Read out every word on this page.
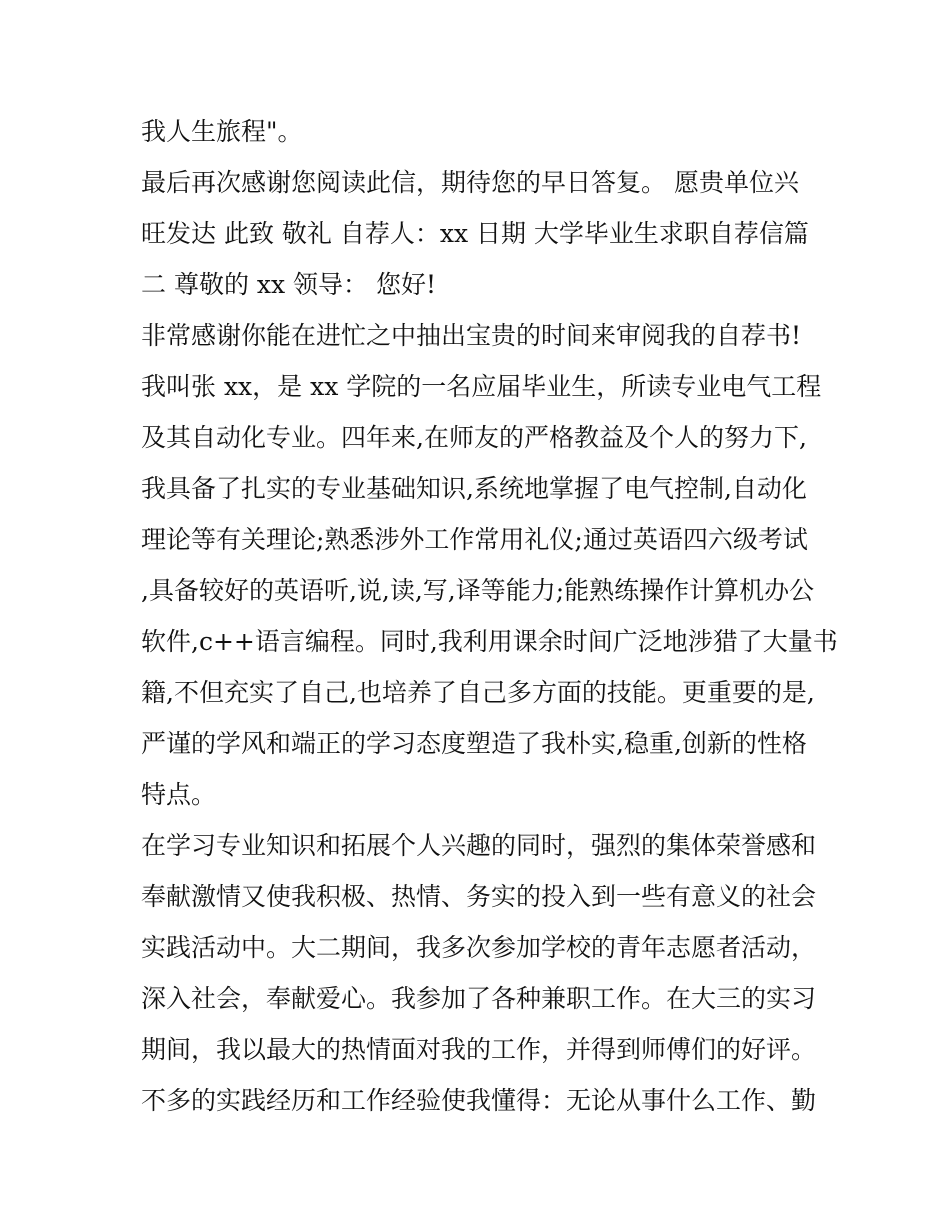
我人生旅程"。
最后再次感谢您阅读此信，期待您的早日答复。 愿贵单位兴
旺发达 此致 敬礼 自荐人：xx 日期 大学毕业生求职自荐信篇
二 尊敬的 xx 领导： 您好!
非常感谢你能在进忙之中抽出宝贵的时间来审阅我的自荐书!
我叫张 xx，是 xx 学院的一名应届毕业生，所读专业电气工程
及其自动化专业。四年来,在师友的严格教益及个人的努力下,
我具备了扎实的专业基础知识,系统地掌握了电气控制,自动化
理论等有关理论;熟悉涉外工作常用礼仪;通过英语四六级考试
,具备较好的英语听,说,读,写,译等能力;能熟练操作计算机办公
软件,c++语言编程。同时,我利用课余时间广泛地涉猎了大量书
籍,不但充实了自己,也培养了自己多方面的技能。更重要的是,
严谨的学风和端正的学习态度塑造了我朴实,稳重,创新的性格
特点。
在学习专业知识和拓展个人兴趣的同时，强烈的集体荣誉感和
奉献激情又使我积极、热情、务实的投入到一些有意义的社会
实践活动中。大二期间，我多次参加学校的青年志愿者活动，
深入社会，奉献爱心。我参加了各种兼职工作。在大三的实习
期间，我以最大的热情面对我的工作，并得到师傅们的好评。
不多的实践经历和工作经验使我懂得：无论从事什么工作、勤
